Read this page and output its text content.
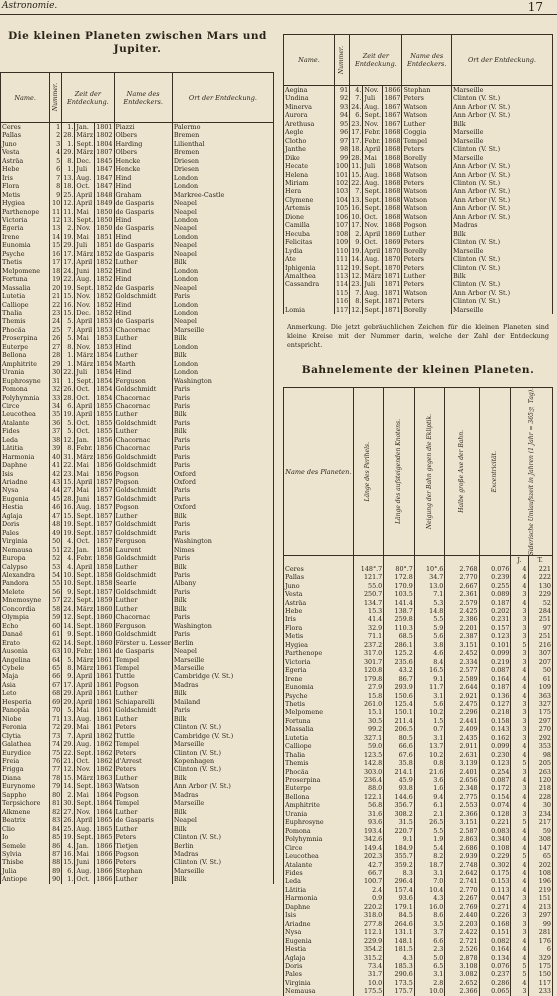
Astronomie.	17
Die kleinen Planeten zwischen Mars und
Jupiter.
Name.	Nummer.	Zeit der Entdeckung.			Name des Entdeckers.	Ort der Entdeckung.
Ceres	1	1.	Jan.	1801	Piazzi	Palermo
Pallas	2	28.	März	1802	Olbers	Bremen
Juno	3	1.	Sept.	1804	Harding	Lilienthal
Vesta	4	29.	März	1807	Olbers	Bremen
Asträa	5	8.	Dec.	1845	Hencke	Driesen
Hebe	6	1.	Juli	1847	Hencke	Driesen
Iris	7	13.	Aug.	1847	Hind	London
Flora	8	18.	Oct.	1847	Hind	London
Metis	9	25.	April	1848	Graham	Markree-Castle
Hygiea	10	12.	April	1849	de Gasparis	Neapel
Parthenope	11	11.	Mai	1850	de Gasparis	Neapel
Victoria	12	13.	Sept.	1850	Hind	London
Egeria	13	2.	Nov.	1850	de Gasparis	Neapel
Irene	14	19.	Mai	1851	Hind	London
Eunomia	15	29.	Juli	1851	de Gasparis	Neapel
Psyche	16	17.	März	1852	de Gasparis	Neapel
Thetis	17	17.	April	1852	Luther	Bilk
Melpomene	18	24.	Juni	1852	Hind	London
Fortuna	19	22.	Aug.	1852	Hind	London
Massalia	20	19.	Sept.	1852	de Gasparis	Neapel
Lutetia	21	15.	Nov.	1852	Goldschmidt	Paris
Calliope	22	16.	Nov.	1852	Hind	London
Thalia	23	15.	Dec.	1852	Hind	London
Themis	24	5.	April	1853	de Gasparis	Neapel
Phocäa	25	7.	April	1853	Chacornac	Marseille
Proserpina	26	5.	Mai	1853	Luther	Bilk
Euterpe	27	8.	Nov.	1853	Hind	London
Bellona	28	1.	März	1854	Luther	Bilk
Amphitrite	29	1.	März	1854	Marth	London
Urania	30	22.	Juli	1854	Hind	London
Euphrosyne	31	1.	Sept.	1854	Ferguson	Washington
Pomona	32	26.	Oct.	1854	Goldschmidt	Paris
Polyhymnia	33	28.	Oct.	1854	Chacornac	Paris
Circe	34	6.	April	1855	Chacornac	Paris
Leucothea	35	19.	April	1855	Luther	Bilk
Atalante	36	5.	Oct.	1855	Goldschmidt	Paris
Fides	37	5.	Oct.	1855	Luther	Bilk
Leda	38	12.	Jan.	1856	Chacornac	Paris
Lätitia	39	8.	Febr.	1856	Chacornac	Paris
Harmonia	40	31.	März	1856	Goldschmidt	Paris
Daphne	41	22.	Mai	1856	Goldschmidt	Paris
Isis	42	23.	Mai	1856	Pogson	Oxford
Ariadne	43	15.	April	1857	Pogson	Oxford
Nysa	44	27.	Mai	1857	Goldschmidt	Paris
Eugenia	45	28.	Juni	1857	Goldschmidt	Paris
Hestia	46	16.	Aug.	1857	Pogson	Oxford
Aglaja	47	15.	Sept.	1857	Luther	Bilk
Doris	48	19.	Sept.	1857	Goldschmidt	Paris
Pales	49	19.	Sept.	1857	Goldschmidt	Paris
Virginia	50	4.	Oct.	1857	Ferguson	Washington
Nemausa	51	22.	Jan.	1858	Laurent	Nimes
Europa	52	4.	Febr.	1858	Goldschmidt	Paris
Calypso	53	4.	April	1858	Luther	Bilk
Alexandra	54	10.	Sept.	1858	Goldschmidt	Paris
Pandora	55	10.	Sept.	1858	Searle	Albany
Melete	56	9.	Sept.	1857	Goldschmidt	Paris
Mnemosyne	57	22.	Sept.	1859	Luther	Bilk
Concordia	58	24.	März	1860	Luther	Bilk
Olympia	59	12.	Sept.	1860	Chacornac	Paris
Echo	60	14.	Sept.	1860	Ferguson	Washington
Danaë	61	9.	Sept.	1860	Goldschmidt	Paris
Erato	62	14.	Sept.	1860	Förster u. Lesser	Berlin
Ausonia	63	10.	Febr.	1861	de Gasparis	Neapel
Angelina	64	5.	März	1861	Tempel	Marseille
Cybele	65	8.	März	1861	Tempel	Marseille
Maja	66	9.	April	1861	Tuttle	Cambridge (V. St.)
Asia	67	17.	April	1861	Pogson	Madras
Leto	68	29.	April	1861	Luther	Bilk
Hesperia	69	29.	April	1861	Schiaparelli	Mailand
Panopäa	70	5.	Mai	1861	Goldschmidt	Paris
Niobe	71	13.	Aug.	1861	Luther	Bilk
Feronia	72	29.	Mai	1861	Peters	Clinton (V. St.)
Clytia	73	7.	April	1862	Tuttle	Cambridge (V. St.)
Galathea	74	29.	Aug.	1862	Tempel	Marseille
Eurydice	75	22.	Sept.	1862	Peters	Clinton (V. St.)
Freia	76	21.	Oct.	1862	d'Arrest	Kopenhagen
Frigga	77	12.	Nov.	1862	Peters	Clinton (V. St.)
Diana	78	15.	März	1863	Luther	Bilk
Eurynome	79	14.	Sept.	1863	Watson	Ann Arbor (V. St.)
Sappho	80	2.	Mai	1864	Pogson	Madras
Terpsichore	81	30.	Sept.	1864	Tempel	Marseille
Alkmene	82	27.	Nov.	1864	Luther	Bilk
Beatrix	83	26.	April	1865	de Gasparis	Neapel
Clio	84	25.	Aug.	1865	Luther	Bilk
Io	85	19.	Sept.	1865	Peters	Clinton (V. St.)
Semele	86	4.	Jan.	1866	Tietjen	Berlin
Sylvia	87	16.	Mai	1866	Pogson	Madras
Thisbe	88	15.	Juni	1866	Peters	Clinton (V. St.)
Julia	89	6.	Aug.	1866	Stephan	Marseille
Antiope	90	1.	Oct.	1866	Luther	Bilk
Name.	Nummer.	Zeit der Entdeckung.			Name des Entdeckers.	Ort der Entdeckung.
Aegina	91	4.	Nov.	1866	Stephan	Marseille
Undina	92	7.	Juli	1867	Peters	Clinton (V. St.)
Minerva	93	24.	Aug.	1867	Watson	Ann Arbor (V. St.)
Aurora	94	6.	Sept.	1867	Watson	Ann Arbor (V. St.)
Arethusa	95	23.	Nov.	1867	Luther	Bilk
Aegle	96	17.	Febr.	1868	Coggia	Marseille
Clotho	97	17.	Febr.	1868	Tempel	Marseille
Janthe	98	18.	April	1868	Peters	Clinton (V. St.)
Dike	99	28.	Mai	1868	Borelly	Marseille
Hecate	100	11.	Juli	1868	Watson	Ann Arbor (V. St.)
Helena	101	15.	Aug.	1868	Watson	Ann Arbor (V. St.)
Miriam	102	22.	Aug.	1868	Peters	Clinton (V. St.)
Hera	103	7.	Sept.	1868	Watson	Ann Arbor (V. St.)
Clymene	104	13.	Sept.	1868	Watson	Ann Arbor (V. St.)
Artemis	105	16.	Sept.	1868	Watson	Ann Arbor (V. St.)
Dione	106	10.	Oct.	1868	Watson	Ann Arbor (V. St.)
Camilla	107	17.	Nov.	1868	Pogson	Madras
Hecuba	108	2.	April	1869	Luther	Bilk
Felicitas	109	9.	Oct.	1869	Peters	Clinton (V. St.)
Lydia	110	19.	April	1870	Borelly	Marseille
Ate	111	14.	Aug.	1870	Peters	Clinton (V. St.)
Iphigenia	112	19.	Sept.	1870	Peters	Clinton (V. St.)
Amalthea	113	12.	März	1871	Luther	Bilk
Cassandra	114	23.	Juli	1871	Peters	Clinton (V. St.)
	115	7.	Aug.	1871	Watson	Ann Arbor (V. St.)
	116	8.	Sept.	1871	Peters	Clinton (V. St.)
Lomia	117	12.	Sept.	1871	Borelly	Marseille
Anmerkung. Die jetzt gebräuchlichen Zeichen für die kleinen Planeten sind kleine Kreise mit der Nummer darin, welche der Zahl der Entdeckung entspricht.
Bahnelemente der kleinen Planeten.
Name des Planeten.	Länge des Perihels.	Länge des aufsteigenden Knotens.	Neigung der Bahn gegen die Ekliptik.	Halbe große Axe der Bahn.	Excentricität.	Siderische Umlaufszeit in Jahren (1 Jahr = 365¼ Tag).	

						J.	T.
Ceres	148°.7	80°.7	10°.6	2.768	0.076	4	221
Pallas	121.7	172.8	34.7	2.770	0.239	4	222
Juno	55.0	170.9	13.0	2.667	0.255	4	130
Vesta	250.7	103.5	7.1	2.361	0.089	3	229
Asträa	134.7	141.4	5.3	2.579	0.187	4	52
Hebe	15.3	138.7	14.8	2.425	0.202	3	284
Iris	41.4	259.8	5.5	2.386	0.231	3	251
Flora	32.9	110.3	5.9	2.201	0.157	3	97
Metis	71.1	68.5	5.6	2.387	0.123	3	251
Hygiea	237.2	286.1	3.8	3.151	0.101	5	216
Parthenope	317.0	125.2	4.6	2.452	0.099	3	307
Victoria	301.7	235.6	8.4	2.334	0.219	3	207
Egeria	120.8	43.2	16.5	2.577	0.087	4	50
Irene	179.8	86.7	9.1	2.589	0.164	4	61
Eunomia	27.9	293.9	11.7	2.644	0.187	4	109
Psyche	15.8	150.6	3.1	2.921	0.136	4	363
Thetis	261.0	125.4	5.6	2.475	0.127	3	327
Melpomene	15.1	150.1	10.2	2.296	0.218	3	175
Fortuna	30.5	211.4	1.5	2.441	0.158	3	297
Massalia	99.2	206.5	0.7	2.409	0.143	3	270
Lutetia	327.1	80.5	3.1	2.435	0.162	3	292
Calliope	59.0	66.6	13.7	2.911	0.099	4	353
Thalia	123.5	67.6	10.2	2.631	0.230	4	98
Themis	142.8	35.8	0.8	3.139	0.123	5	205
Phocäa	303.0	214.1	21.6	2.401	0.254	3	263
Proserpina	236.4	45.9	3.6	2.656	0.087	4	120
Euterpe	88.0	93.8	1.6	2.348	0.172	3	218
Bellona	122.1	144.6	9.4	2.775	0.154	4	228
Amphitrite	56.8	356.7	6.1	2.553	0.074	4	30
Urania	31.6	308.2	2.1	2.366	0.128	3	234
Euphrosyne	93.6	31.5	26.5	3.151	0.221	5	217
Pomona	193.4	220.7	5.5	2.587	0.083	4	59
Polyhymnia	342.6	9.1	1.9	2.863	0.340	4	308
Circe	149.4	184.9	5.4	2.686	0.108	4	147
Leucothea	202.3	355.7	8.2	2.939	0.229	5	65
Atalante	42.7	359.2	18.7	2.748	0.302	4	202
Fides	66.7	8.3	3.1	2.642	0.175	4	108
Leda	100.7	296.4	7.0	2.741	0.153	4	196
Lätitia	2.4	157.4	10.4	2.770	0.113	4	219
Harmonia	0.9	93.6	4.3	2.267	0.047	3	151
Daphne	220.2	179.1	16.0	2.769	0.271	4	213
Isis	318.0	84.5	8.6	2.440	0.226	3	297
Ariadne	277.8	264.6	3.5	2.203	0.168	3	99
Nysa	112.1	131.1	3.7	2.422	0.151	3	281
Eugenia	229.9	148.1	6.6	2.721	0.082	4	176
Hestia	354.2	181.5	2.3	2.526	0.164	4	6
Aglaja	315.2	4.3	5.0	2.878	0.134	4	329
Doris	73.4	185.3	6.5	3.108	0.076	5	175
Pales	31.7	290.6	3.1	3.082	0.237	5	150
Virginia	10.0	173.5	2.8	2.652	0.286	4	117
Nemausa	175.5	175.7	10.0	2.366	0.065	3	233
